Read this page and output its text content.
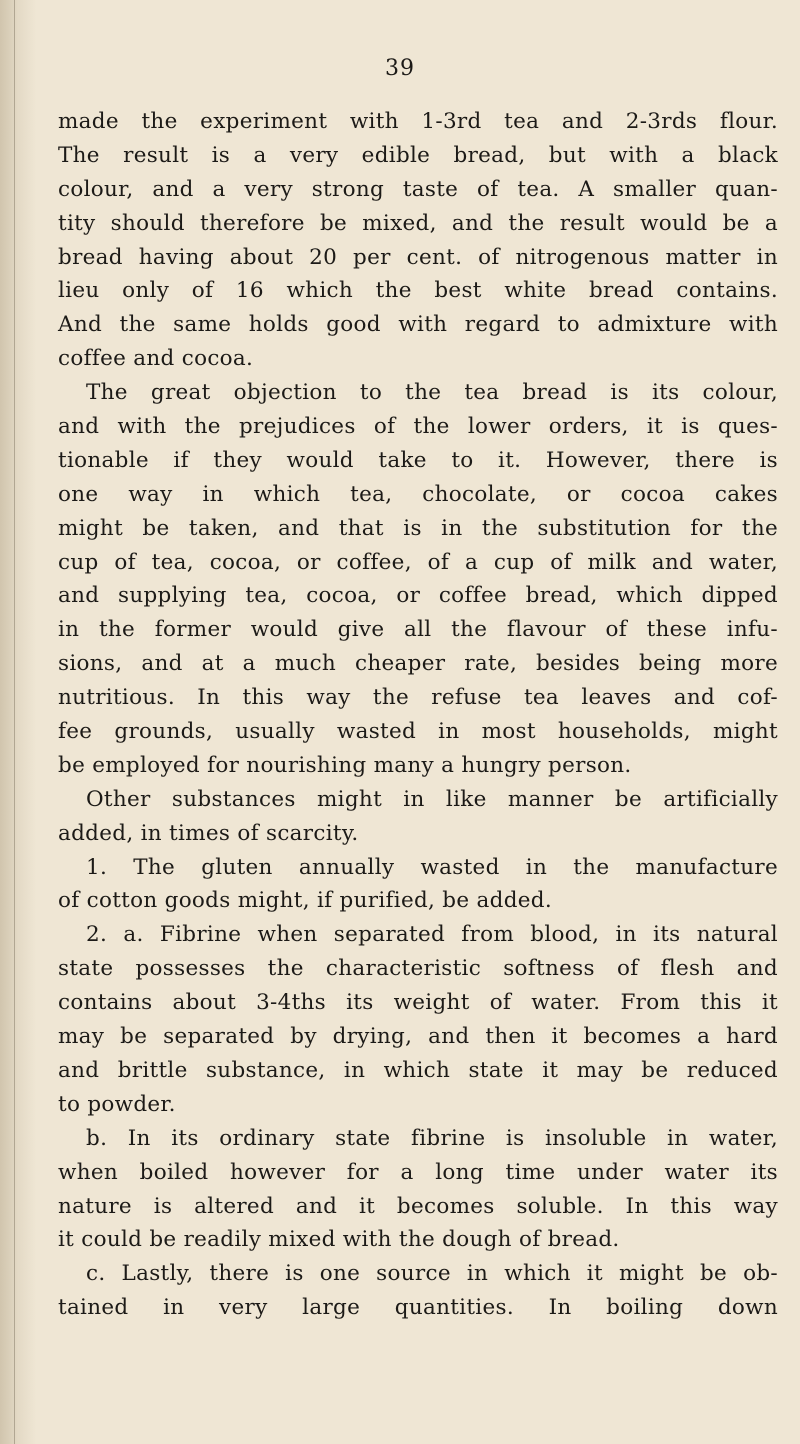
39
made the experiment with 1-3rd tea and 2-3rds flour.
The result is a very edible bread, but with a black
colour, and a very strong taste of tea. A smaller quan-
tity should therefore be mixed, and the result would be a
bread having about 20 per cent. of nitrogenous matter in
lieu only of 16 which the best white bread contains.
And the same holds good with regard to admixture with
coffee and cocoa.
The great objection to the tea bread is its colour,
and with the prejudices of the lower orders, it is ques-
tionable if they would take to it. However, there is
one way in which tea, chocolate, or cocoa cakes
might be taken, and that is in the substitution for the
cup of tea, cocoa, or coffee, of a cup of milk and water,
and supplying tea, cocoa, or coffee bread, which dipped
in the former would give all the flavour of these infu-
sions, and at a much cheaper rate, besides being more
nutritious. In this way the refuse tea leaves and cof-
fee grounds, usually wasted in most households, might
be employed for nourishing many a hungry person.
Other substances might in like manner be artificially
added, in times of scarcity.
1. The gluten annually wasted in the manufacture
of cotton goods might, if purified, be added.
2. a. Fibrine when separated from blood, in its natural
state possesses the characteristic softness of flesh and
contains about 3-4ths its weight of water. From this it
may be separated by drying, and then it becomes a hard
and brittle substance, in which state it may be reduced
to powder.
b. In its ordinary state fibrine is insoluble in water,
when boiled however for a long time under water its
nature is altered and it becomes soluble. In this way
it could be readily mixed with the dough of bread.
c. Lastly, there is one source in which it might be ob-
tained in very large quantities. In boiling down
